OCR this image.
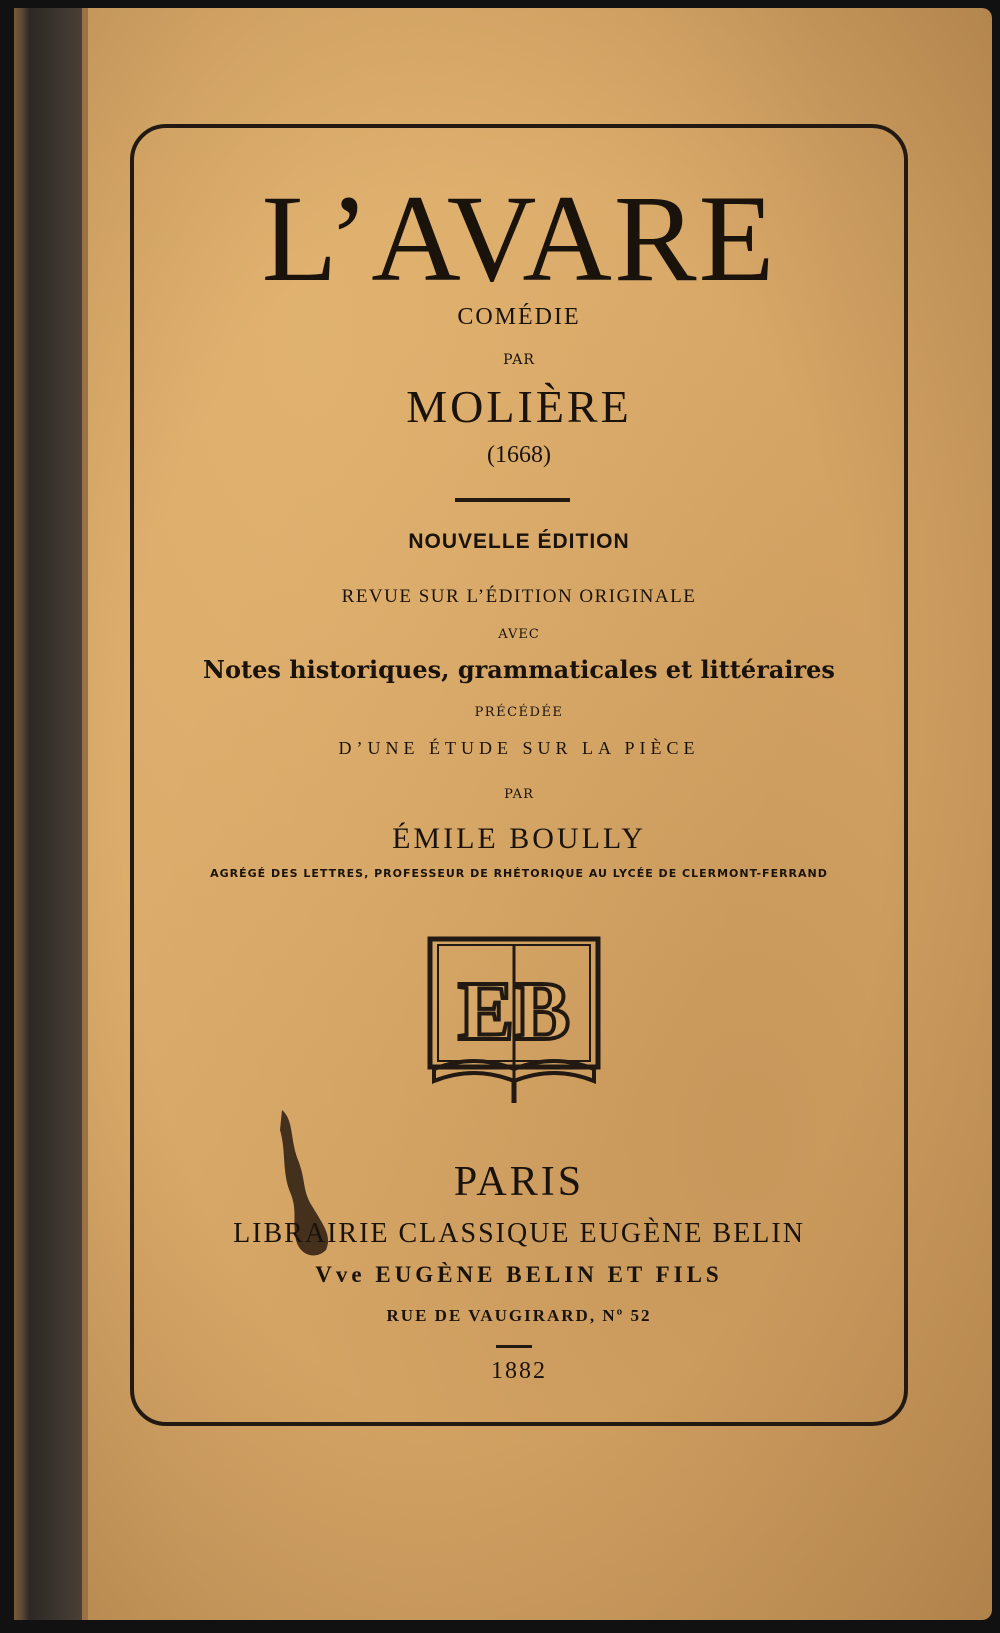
L’AVARE
COMÉDIE
PAR
MOLIÈRE
(1668)
NOUVELLE ÉDITION
REVUE SUR L’ÉDITION ORIGINALE
AVEC
Notes historiques, grammaticales et littéraires
PRÉCÉDÉE
D’UNE ÉTUDE SUR LA PIÈCE
PAR
ÉMILE BOULLY
AGRÉGÉ DES LETTRES, PROFESSEUR DE RHÉTORIQUE AU LYCÉE DE CLERMONT-FERRAND
EB
PARIS
LIBRAIRIE CLASSIQUE EUGÈNE BELIN
Vve EUGÈNE BELIN ET FILS
RUE DE VAUGIRARD, Nº 52
1882
